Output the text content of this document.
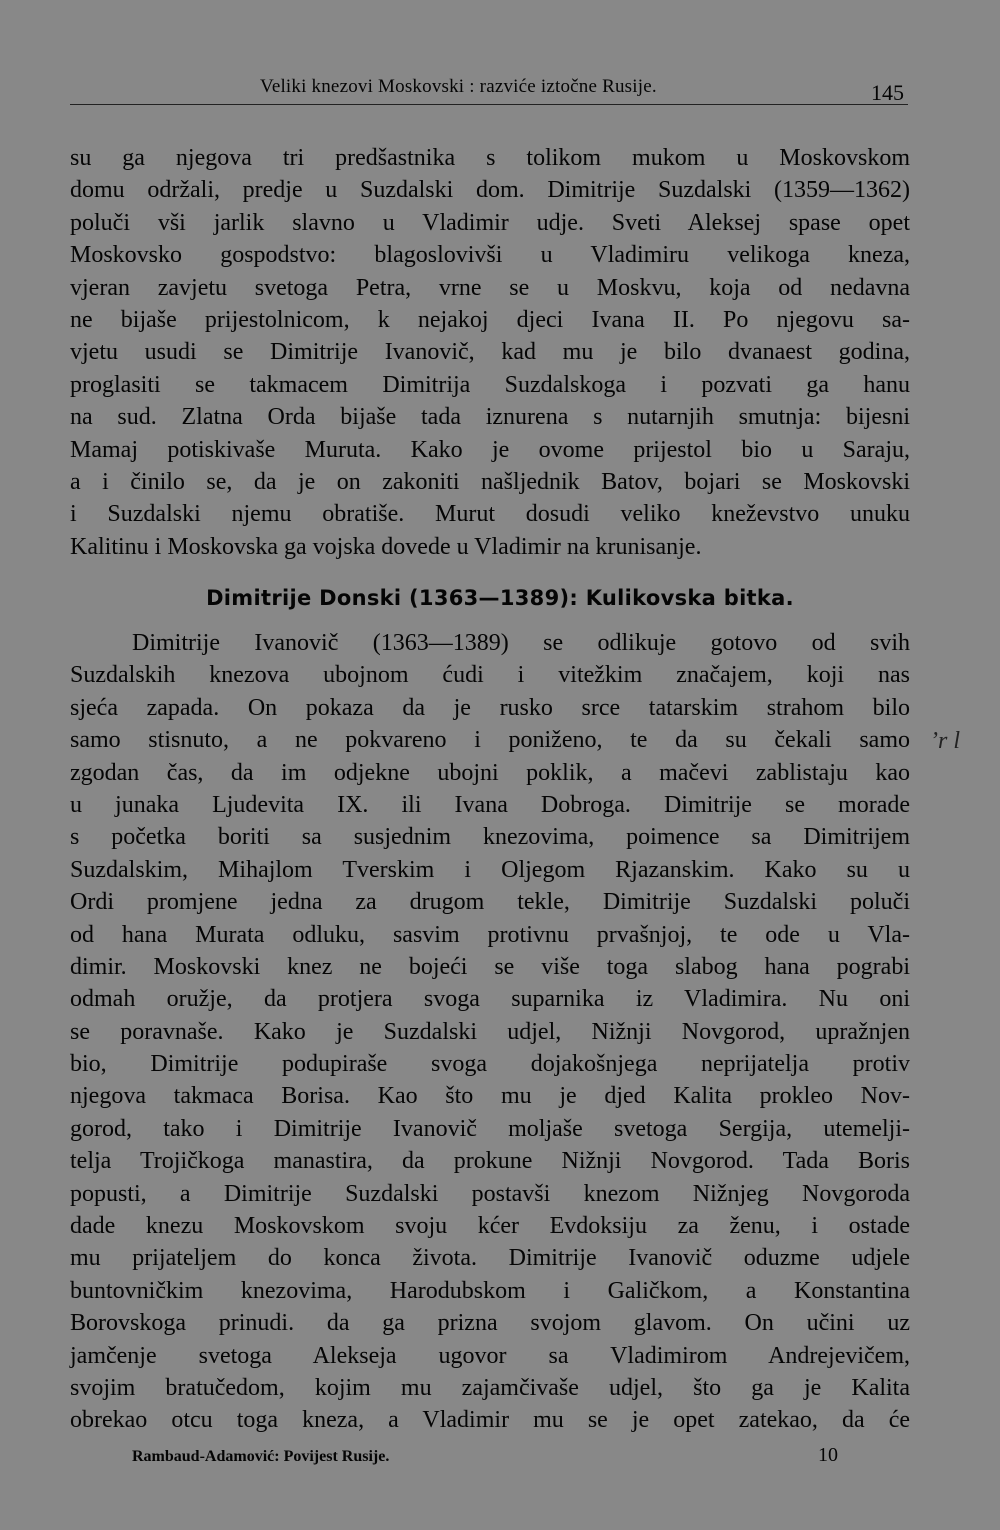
Veliki knezovi Moskovski : razviće iztočne Rusije.	145
su ga njegova tri predšastnika s tolikom mukom u Moskovskom
domu održali, predje u Suzdalski dom. Dimitrije Suzdalski (1359—1362)
poluči vši jarlik slavno u Vladimir udje. Sveti Aleksej spase opet
Moskovsko gospodstvo: blagoslovivši u Vladimiru velikoga kneza,
vjeran zavjetu svetoga Petra, vrne se u Moskvu, koja od nedavna
ne bijaše prijestolnicom, k nejakoj djeci Ivana II. Po njegovu sa-
vjetu usudi se Dimitrije Ivanovič, kad mu je bilo dvanaest godina,
proglasiti se takmacem Dimitrija Suzdalskoga i pozvati ga hanu
na sud. Zlatna Orda bijaše tada iznurena s nutarnjih smutnja: bijesni
Mamaj potiskivaše Muruta. Kako je ovome prijestol bio u Saraju,
a i činilo se, da je on zakoniti našljednik Batov, bojari se Moskovski
i Suzdalski njemu obratiše. Murut dosudi veliko kneževstvo unuku
Kalitinu i Moskovska ga vojska dovede u Vladimir na krunisanje.
Dimitrije Donski (1363—1389): Kulikovska bitka.
Dimitrije Ivanovič (1363—1389) se odlikuje gotovo od svih
Suzdalskih knezova ubojnom ćudi i vitežkim značajem, koji nas
sjeća zapada. On pokaza da je rusko srce tatarskim strahom bilo
samo stisnuto, a ne pokvareno i poniženo, te da su čekali samo
zgodan čas, da im odjekne ubojni poklik, a mačevi zablistaju kao
u junaka Ljudevita IX. ili Ivana Dobroga. Dimitrije se morade
s početka boriti sa susjednim knezovima, poimence sa Dimitrijem
Suzdalskim, Mihajlom Tverskim i Oljegom Rjazanskim. Kako su u
Ordi promjene jedna za drugom tekle, Dimitrije Suzdalski poluči
od hana Murata odluku, sasvim protivnu prvašnjoj, te ode u Vla-
dimir. Moskovski knez ne bojeći se više toga slabog hana pograbi
odmah oružje, da protjera svoga suparnika iz Vladimira. Nu oni
se poravnaše. Kako je Suzdalski udjel, Nižnji Novgorod, upražnjen
bio, Dimitrije podupiraše svoga dojakošnjega neprijatelja protiv
njegova takmaca Borisa. Kao što mu je djed Kalita prokleo Nov-
gorod, tako i Dimitrije Ivanovič moljaše svetoga Sergija, utemelji-
telja Trojičkoga manastira, da prokune Nižnji Novgorod. Tada Boris
popusti, a Dimitrije Suzdalski postavši knezom Nižnjeg Novgoroda
dade knezu Moskovskom svoju kćer Evdoksiju za ženu, i ostade
mu prijateljem do konca života. Dimitrije Ivanovič oduzme udjele
buntovničkim knezovima, Harodubskom i Galičkom, a Konstantina
Borovskoga prinudi. da ga prizna svojom glavom. On učini uz
jamčenje svetoga Alekseja ugovor sa Vladimirom Andrejevičem,
svojim bratučedom, kojim mu zajamčivaše udjel, što ga je Kalita
obrekao otcu toga kneza, a Vladimir mu se je opet zatekao, da će
ʼr l
Rambaud-Adamović: Povijest Rusije.	10
